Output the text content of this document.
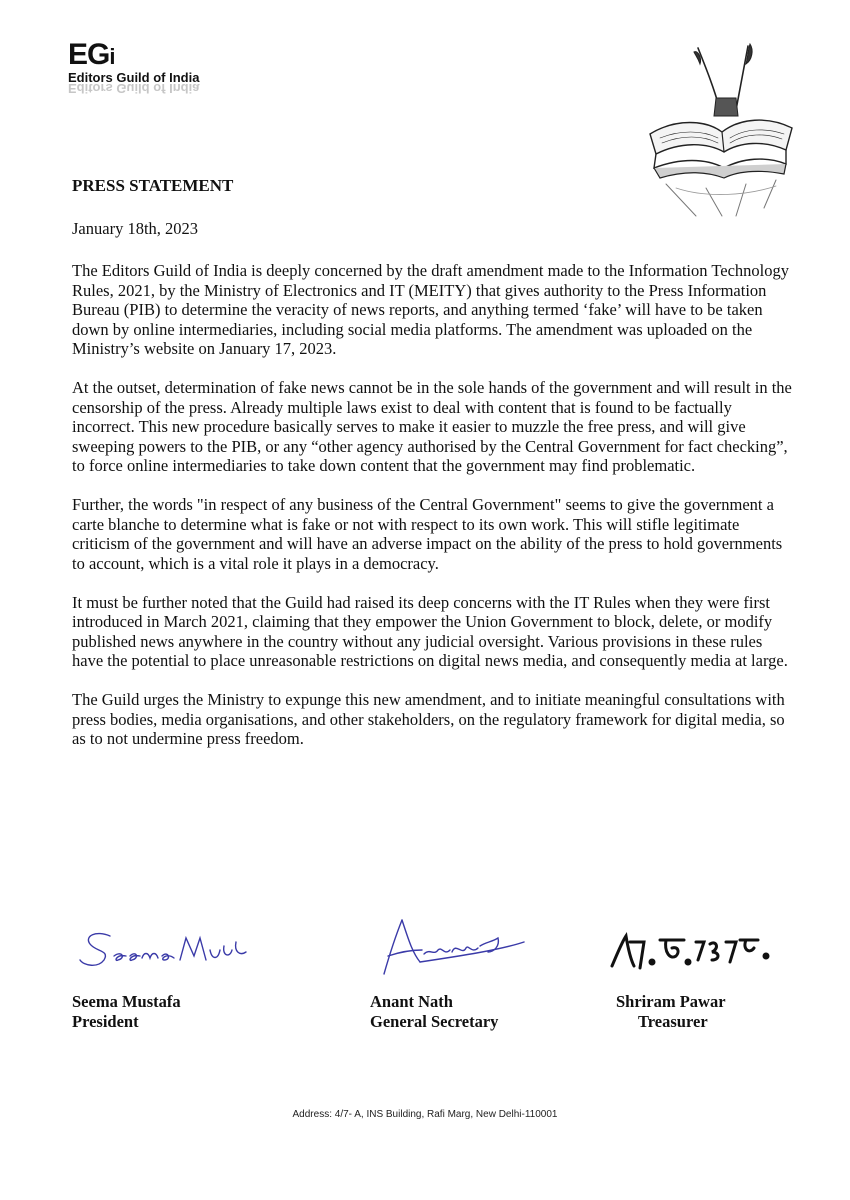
EGi
Editors Guild of India
Editors Guild of India
PRESS STATEMENT
January 18th, 2023

The Editors Guild of India is deeply concerned by the draft amendment made to the Information Technology Rules, 2021, by the Ministry of Electronics and IT (MEITY) that gives authority to the Press Information Bureau (PIB) to determine the veracity of news reports, and anything termed ‘fake’ will have to be taken down by online intermediaries, including social media platforms. The amendment was uploaded on the Ministry’s website on January 17, 2023.

At the outset, determination of fake news cannot be in the sole hands of the government and will result in the censorship of the press. Already multiple laws exist to deal with content that is found to be factually incorrect. This new procedure basically serves to make it easier to muzzle the free press, and will give sweeping powers to the PIB, or any “other agency authorised by the Central Government for fact checking”, to force online intermediaries to take down content that the government may find problematic.

Further, the words "in respect of any business of the Central Government" seems to give the government a carte blanche to determine what is fake or not with respect to its own work. This will stifle legitimate criticism of the government and will have an adverse impact on the ability of the press to hold governments to account, which is a vital role it plays in a democracy.

It must be further noted that the Guild had raised its deep concerns with the IT Rules when they were first introduced in March 2021, claiming that they empower the Union Government to block, delete, or modify published news anywhere in the country without any judicial oversight. Various provisions in these rules have the potential to place unreasonable restrictions on digital news media, and consequently media at large.

The Guild urges the Ministry to expunge this new amendment, and to initiate meaningful consultations with press bodies, media organisations, and other stakeholders, on the regulatory framework for digital media, so as to not undermine press freedom.

Seema Mustafa
President
Anant Nath
General Secretary
Shriram Pawar
Treasurer
Address: 4/7- A, INS Building, Rafi Marg, New Delhi-110001
